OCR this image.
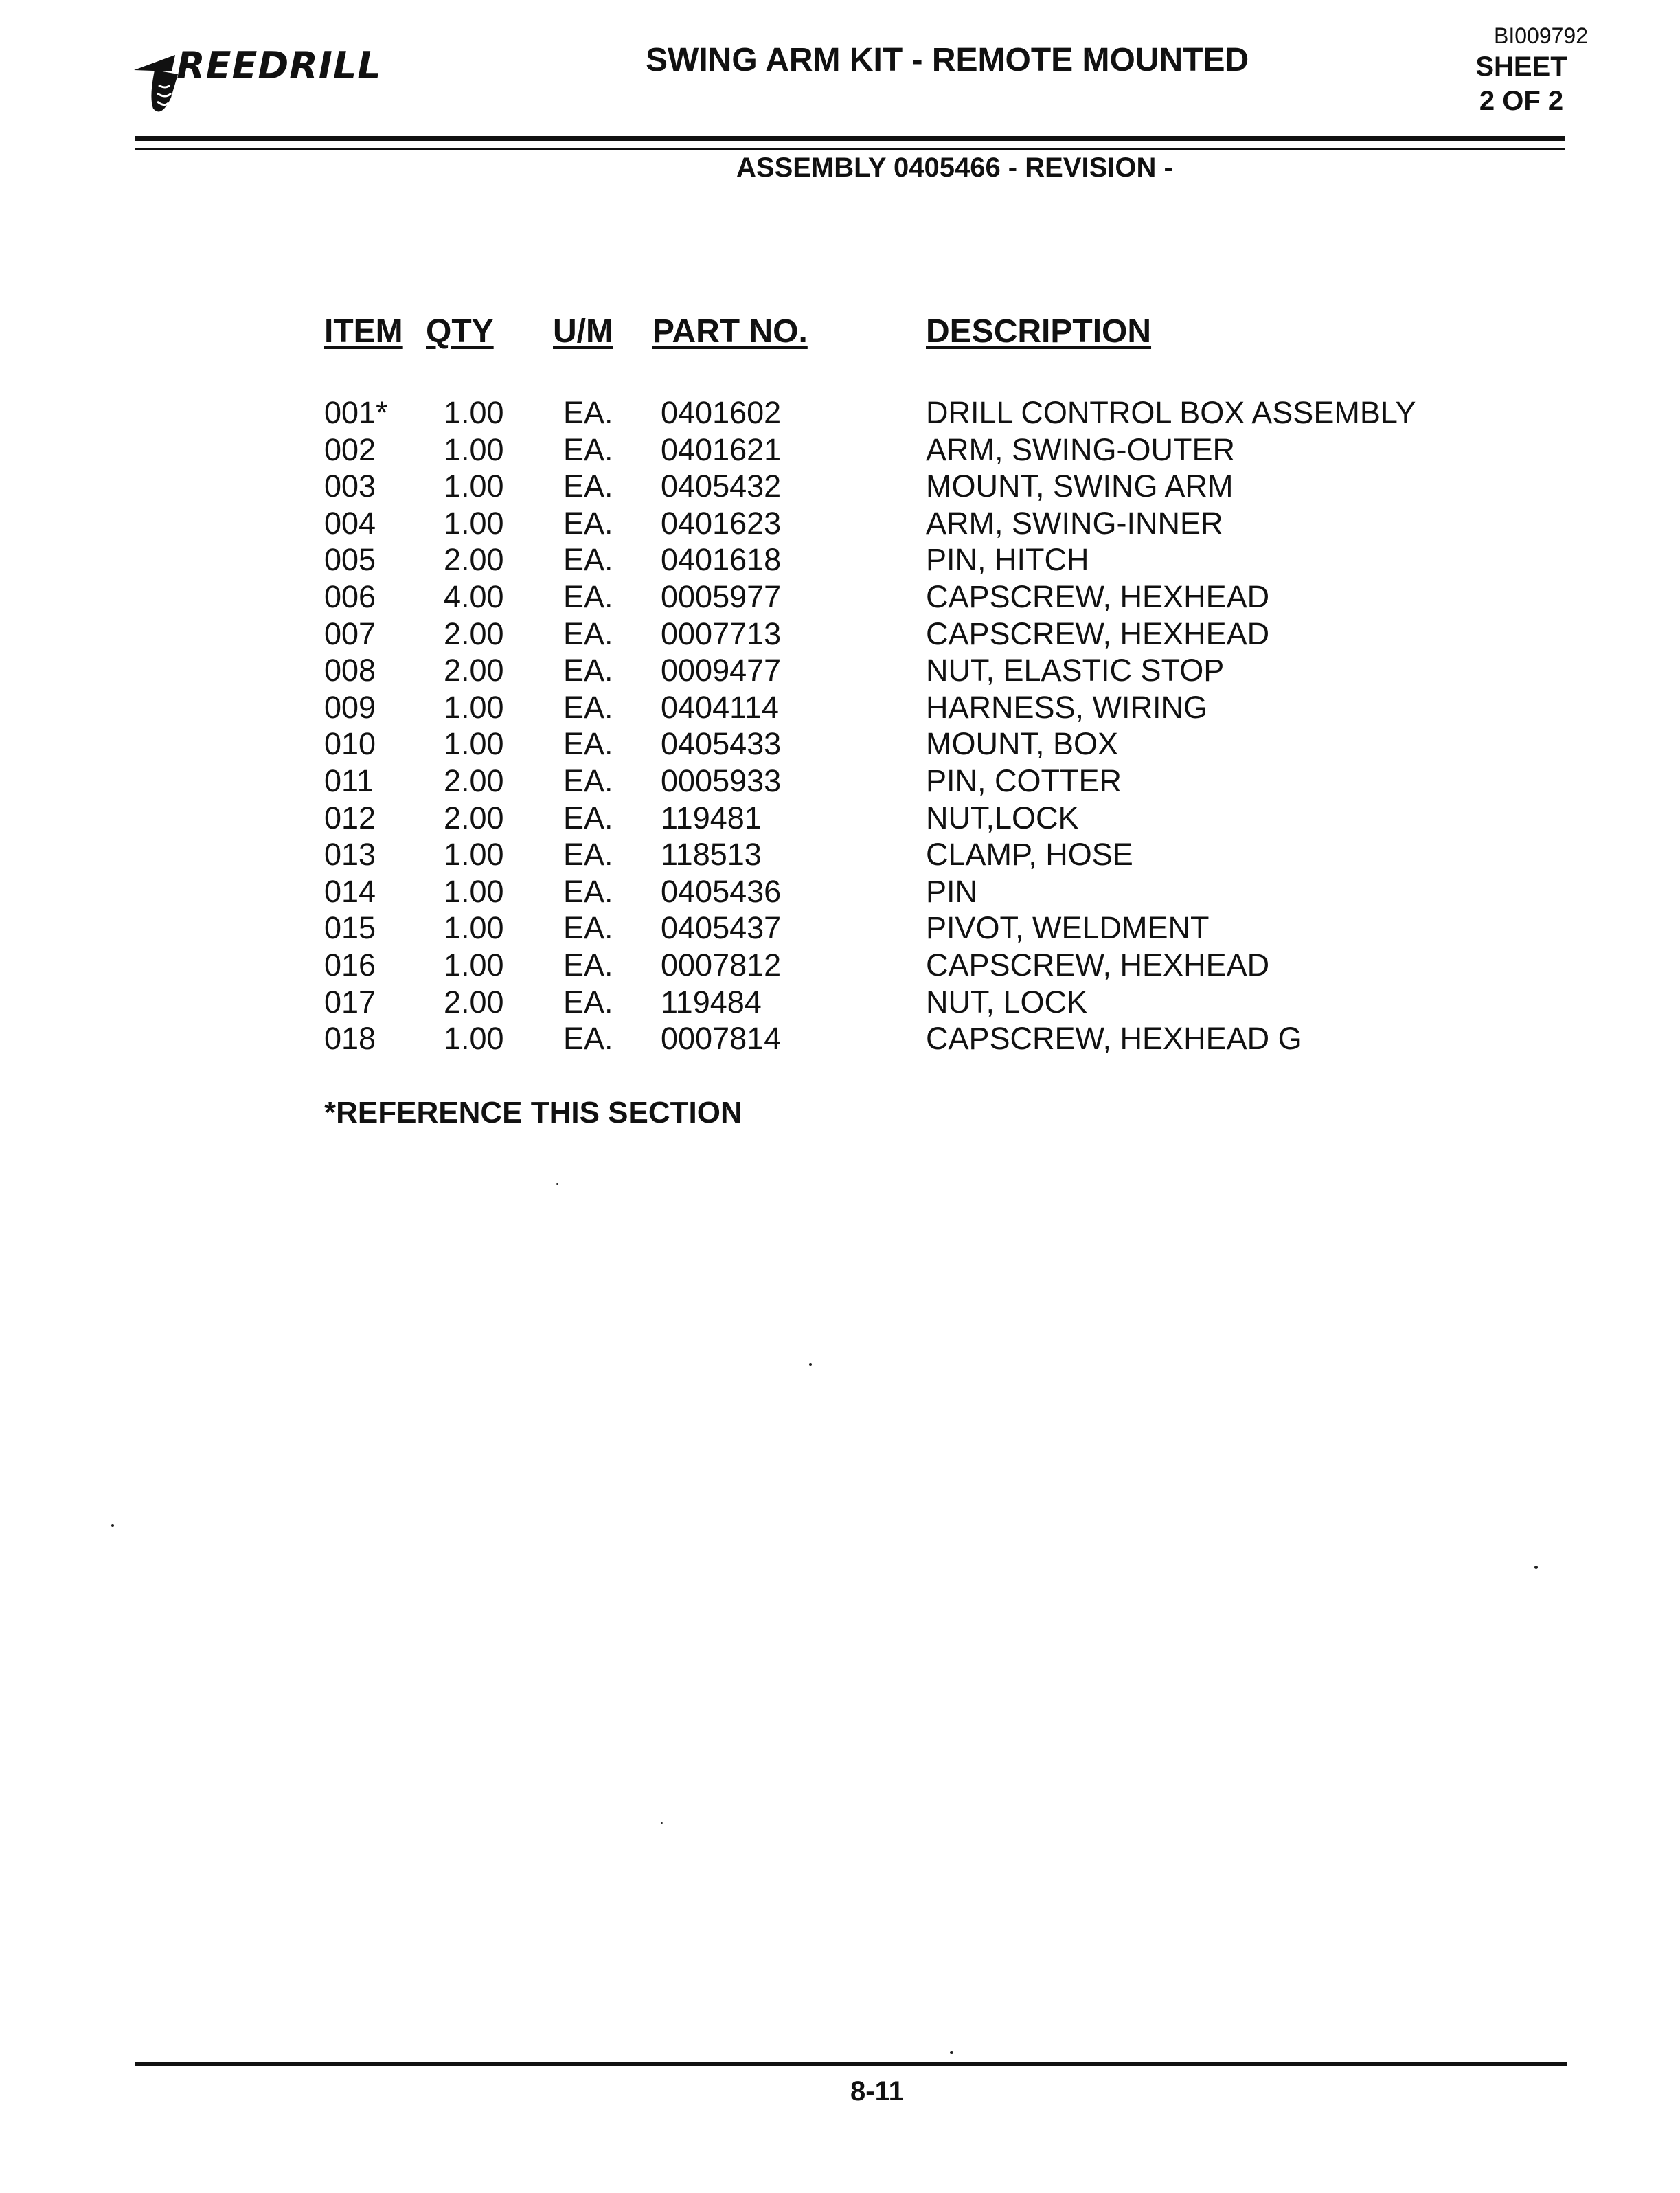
REEDRILL	SWING ARM KIT - REMOTE MOUNTED
BI009792
SHEET
2 OF 2
ASSEMBLY 0405466 - REVISION -
ITEM QTY U/M PART NO.	DESCRIPTION
001* 1.00 EA. 0401602	DRILL CONTROL BOX ASSEMBLY
002 1.00 EA. 0401621	ARM, SWING-OUTER
003 1.00 EA. 0405432	MOUNT, SWING ARM
004 1.00 EA. 0401623	ARM, SWING-INNER
005 2.00 EA. 0401618	PIN, HITCH
006 4.00 EA. 0005977	CAPSCREW, HEXHEAD
007 2.00 EA. 0007713	CAPSCREW, HEXHEAD
008 2.00 EA. 0009477	NUT, ELASTIC STOP
009 1.00 EA. 0404114	HARNESS, WIRING
010 1.00 EA. 0405433	MOUNT, BOX
011 2.00 EA. 0005933	PIN, COTTER
012 2.00 EA. 119481	NUT,LOCK
013 1.00 EA. 118513	CLAMP, HOSE
014 1.00 EA. 0405436	PIN
015 1.00 EA. 0405437	PIVOT, WELDMENT
016 1.00 EA. 0007812	CAPSCREW, HEXHEAD
017 2.00 EA. 119484	NUT, LOCK
018 1.00 EA. 0007814	CAPSCREW, HEXHEAD G
*REFERENCE THIS SECTION
8-11
